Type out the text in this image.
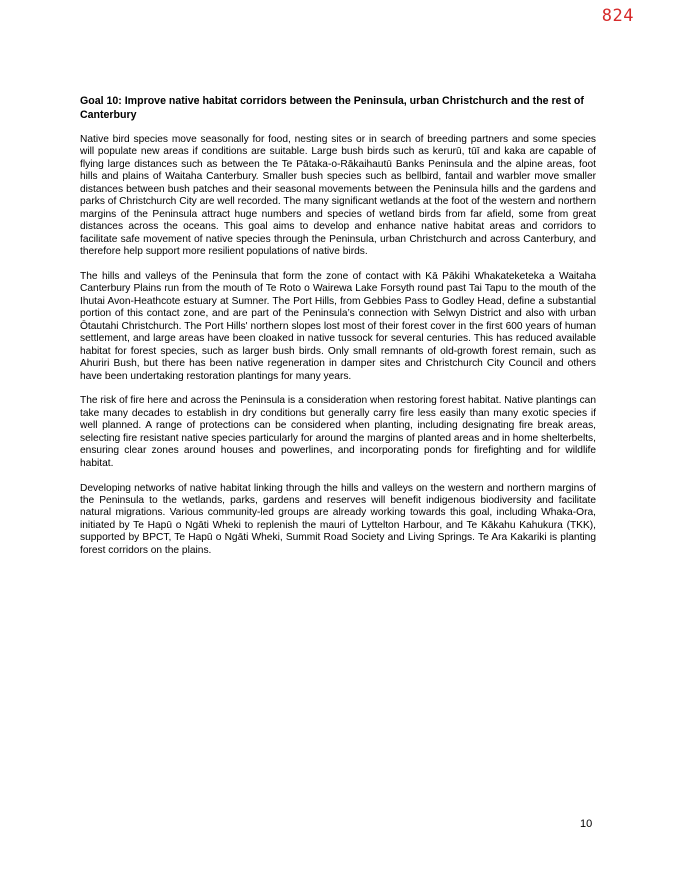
824
Goal 10: Improve native habitat corridors between the Peninsula, urban Christchurch and the rest of Canterbury

Native bird species move seasonally for food, nesting sites or in search of breeding partners and some species will populate new areas if conditions are suitable. Large bush birds such as kerurū, tūī and kaka are capable of flying large distances such as between the Te Pātaka-o-Rākaihautū Banks Peninsula and the alpine areas, foot hills and plains of Waitaha Canterbury. Smaller bush species such as bellbird, fantail and warbler move smaller distances between bush patches and their seasonal movements between the Peninsula hills and the gardens and parks of Christchurch City are well recorded. The many significant wetlands at the foot of the western and northern margins of the Peninsula attract huge numbers and species of wetland birds from far afield, some from great distances across the oceans. This goal aims to develop and enhance native habitat areas and corridors to facilitate safe movement of native species through the Peninsula, urban Christchurch and across Canterbury, and therefore help support more resilient populations of native birds.

The hills and valleys of the Peninsula that form the zone of contact with Kā Pākihi Whakateketeka a Waitaha Canterbury Plains run from the mouth of Te Roto o Wairewa Lake Forsyth round past Tai Tapu to the mouth of the Ihutai Avon-Heathcote estuary at Sumner. The Port Hills, from Gebbies Pass to Godley Head, define a substantial portion of this contact zone, and are part of the Peninsula’s connection with Selwyn District and also with urban Ōtautahi Christchurch. The Port Hills' northern slopes lost most of their forest cover in the first 600 years of human settlement, and large areas have been cloaked in native tussock for several centuries. This has reduced available habitat for forest species, such as larger bush birds. Only small remnants of old-growth forest remain, such as Ahuriri Bush, but there has been native regeneration in damper sites and Christchurch City Council and others have been undertaking restoration plantings for many years.

The risk of fire here and across the Peninsula is a consideration when restoring forest habitat. Native plantings can take many decades to establish in dry conditions but generally carry fire less easily than many exotic species if well planned. A range of protections can be considered when planting, including designating fire break areas, selecting fire resistant native species particularly for around the margins of planted areas and in home shelterbelts, ensuring clear zones around houses and powerlines, and incorporating ponds for firefighting and for wildlife habitat.

Developing networks of native habitat linking through the hills and valleys on the western and northern margins of the Peninsula to the wetlands, parks, gardens and reserves will benefit indigenous biodiversity and facilitate natural migrations. Various community-led groups are already working towards this goal, including Whaka-Ora, initiated by Te Hapū o Ngāti Wheki to replenish the mauri of Lyttelton Harbour, and Te Kākahu Kahukura (TKK), supported by BPCT, Te Hapū o Ngāti Wheki, Summit Road Society and Living Springs. Te Ara Kakariki is planting forest corridors on the plains.

10
